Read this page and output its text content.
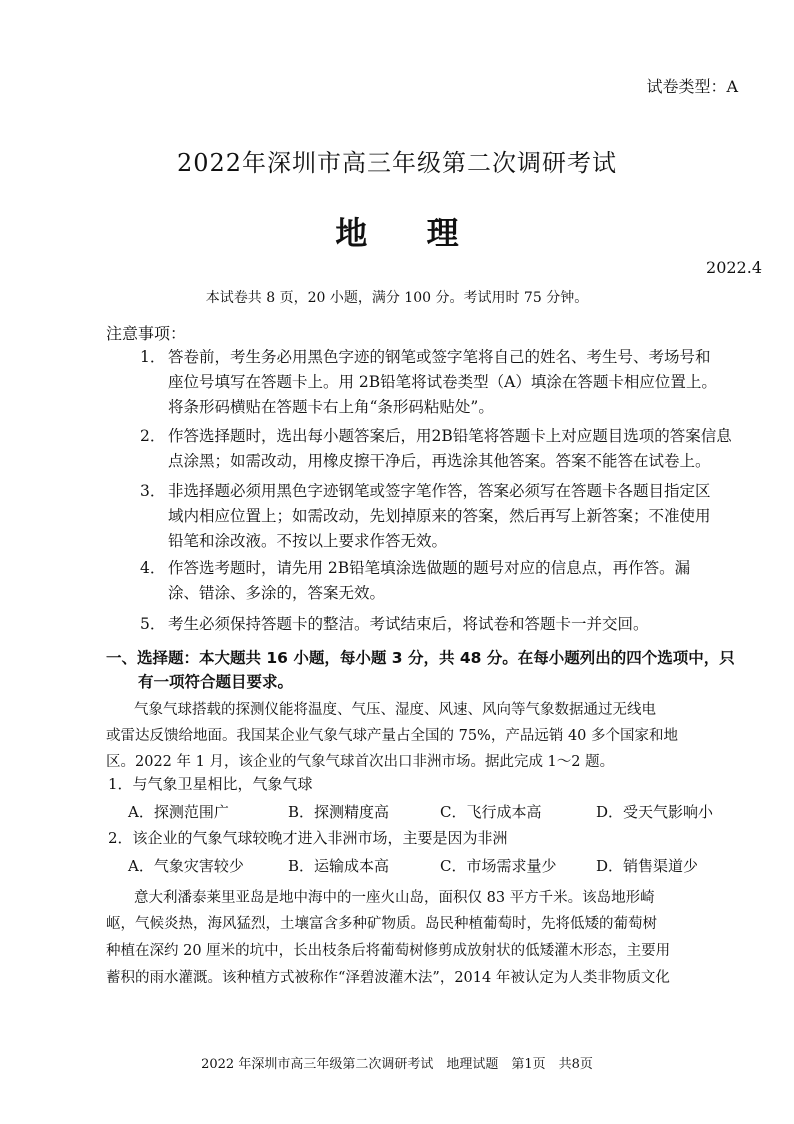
试卷类型：A
2022年深圳市高三年级第二次调研考试
地 理
2022.4
本试卷共 8 页，20 小题，满分 100 分。考试用时 75 分钟。
注意事项：
1． 答卷前，考生务必用黑色字迹的钢笔或签字笔将自己的姓名、考生号、考场号和
座位号填写在答题卡上。用 2B铅笔将试卷类型（A）填涂在答题卡相应位置上。
将条形码横贴在答题卡右上角“条形码粘贴处”。
2． 作答选择题时，选出每小题答案后，用2B铅笔将答题卡上对应题目选项的答案信息
点涂黑；如需改动，用橡皮擦干净后，再选涂其他答案。答案不能答在试卷上。
3． 非选择题必须用黑色字迹钢笔或签字笔作答，答案必须写在答题卡各题目指定区
域内相应位置上；如需改动，先划掉原来的答案，然后再写上新答案；不准使用
铅笔和涂改液。不按以上要求作答无效。
4． 作答选考题时，请先用 2B铅笔填涂选做题的题号对应的信息点，再作答。漏
涂、错涂、多涂的，答案无效。
5． 考生必须保持答题卡的整洁。考试结束后，将试卷和答题卡一并交回。
一、选择题：本大题共 16 小题，每小题 3 分，共 48 分。在每小题列出的四个选项中，只
有一项符合题目要求。
气象气球搭载的探测仪能将温度、气压、湿度、风速、风向等气象数据通过无线电
或雷达反馈给地面。我国某企业气象气球产量占全国的 75%，产品远销 40 多个国家和地
区。2022 年 1 月，该企业的气象气球首次出口非洲市场。据此完成 1～2 题。
1．与气象卫星相比，气象气球
A．探测范围广	B．探测精度高	C．飞行成本高	D．受天气影响小
2．该企业的气象气球较晚才进入非洲市场，主要是因为非洲
A．气象灾害较少	B．运输成本高	C．市场需求量少	D．销售渠道少
意大利潘泰莱里亚岛是地中海中的一座火山岛，面积仅 83 平方千米。该岛地形崎
岖，气候炎热，海风猛烈，土壤富含多种矿物质。岛民种植葡萄时，先将低矮的葡萄树
种植在深约 20 厘米的坑中，长出枝条后将葡萄树修剪成放射状的低矮灌木形态，主要用
蓄积的雨水灌溉。该种植方式被称作“泽碧波灌木法”，2014 年被认定为人类非物质文化
2022 年深圳市高三年级第二次调研考试　地理试题　第1页　共8页
